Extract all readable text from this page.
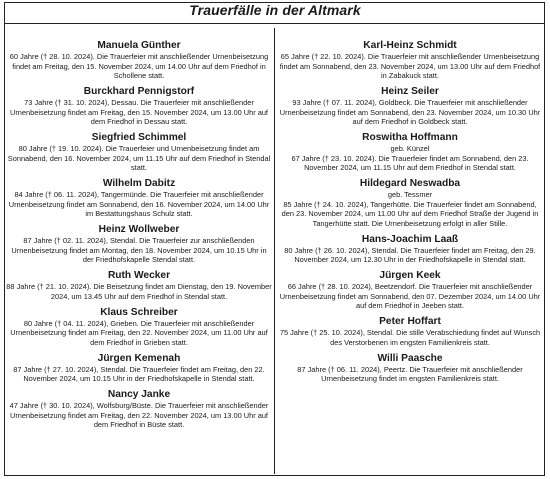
Trauerfälle in der Altmark
Manuela Günther
60 Jahre († 28. 10. 2024). Die Trauerfeier mit anschließender Urnenbeisetzung findet am Freitag, den 15. November 2024, um 14.00 Uhr auf dem Friedhof in Schollene statt.
Burckhard Pennigstorf
73 Jahre († 31. 10. 2024), Dessau. Die Trauerfeier mit anschließender Urnenbeisetzung findet am Freitag, den 15. November 2024, um 13.00 Uhr auf dem Friedhof in Dessau statt.
Siegfried Schimmel
80 Jahre († 19. 10. 2024). Die Trauerfeier und Urnenbeisetzung findet am Sonnabend, den 16. November 2024, um 11.15 Uhr auf dem Friedhof in Stendal statt.
Wilhelm Dabitz
84 Jahre († 06. 11. 2024), Tangermünde. Die Trauerfeier mit anschließender Urnenbeisetzung findet am Sonnabend, den 16. November 2024, um 14.00 Uhr im Bestattungshaus Schulz statt.
Heinz Wollweber
87 Jahre († 02. 11. 2024), Stendal. Die Trauerfeier zur anschließenden Urnenbeisetzung findet am Montag, den 18. November 2024, um 10.15 Uhr in der Friedhofskapelle Stendal statt.
Ruth Wecker
88 Jahre († 21. 10. 2024). Die Beisetzung findet am Dienstag, den 19. November 2024, um 13.45 Uhr auf dem Friedhof in Stendal statt.
Klaus Schreiber
80 Jahre († 04. 11. 2024), Grieben. Die Trauerfeier mit anschließender Urnenbeisetzung findet am Freitag, den 22. November 2024, um 11.00 Uhr auf dem Friedhof in Grieben statt.
Jürgen Kemenah
87 Jahre († 27. 10. 2024), Stendal. Die Trauerfeier findet am Freitag, den 22. November 2024, um 10.15 Uhr in der Friedhofskapelle in Stendal statt.
Nancy Janke
47 Jahre († 30. 10. 2024), Wolfsburg/Büste. Die Trauerfeier mit anschließender Urnenbeisetzung findet am Freitag, den 22. November 2024, um 13.00 Uhr auf dem Friedhof in Büste statt.
Karl-Heinz Schmidt
65 Jahre († 22. 10. 2024). Die Trauerfeier mit anschließender Urnenbeisetzung findet am Sonnabend, den 23. November 2024, um 13.00 Uhr auf dem Friedhof in Zabakuck statt.
Heinz Seiler
93 Jahre († 07. 11. 2024), Goldbeck. Die Trauerfeier mit anschließender Urnenbeisetzung findet am Sonnabend, den 23. November 2024, um 10.30 Uhr auf dem Friedhof in Goldbeck statt.
Roswitha Hoffmann
geb. Künzel
67 Jahre († 23. 10. 2024). Die Trauerfeier findet am Sonnabend, den 23. November 2024, um 11.15 Uhr auf dem Friedhof in Stendal statt.
Hildegard Neswadba
geb. Tessmer
85 Jahre († 24. 10. 2024), Tangerhütte. Die Trauerfeier findet am Sonnabend, den 23. November 2024, um 11.00 Uhr auf dem Friedhof Straße der Jugend in Tangerhütte statt. Die Urnenbeisetzung erfolgt in aller Stille.
Hans-Joachim Laaß
80 Jahre († 26. 10. 2024), Stendal. Die Trauerfeier findet am Freitag, den 29. November 2024, um 12.30 Uhr in der Friedhofskapelle in Stendal statt.
Jürgen Keek
66 Jahre († 28. 10. 2024), Beetzendorf. Die Trauerfeier mit anschließender Urnenbeisetzung findet am Sonnabend, den 07. Dezember 2024, um 14.00 Uhr auf dem Friedhof in Jeeben statt.
Peter Hoffart
75 Jahre († 25. 10. 2024), Stendal. Die stille Verabschiedung findet auf Wunsch des Verstorbenen im engsten Familienkreis statt.
Willi Paasche
87 Jahre († 06. 11. 2024), Peertz. Die Trauerfeier mit anschließender Urnenbeisetzung findet im engsten Familienkreis statt.
